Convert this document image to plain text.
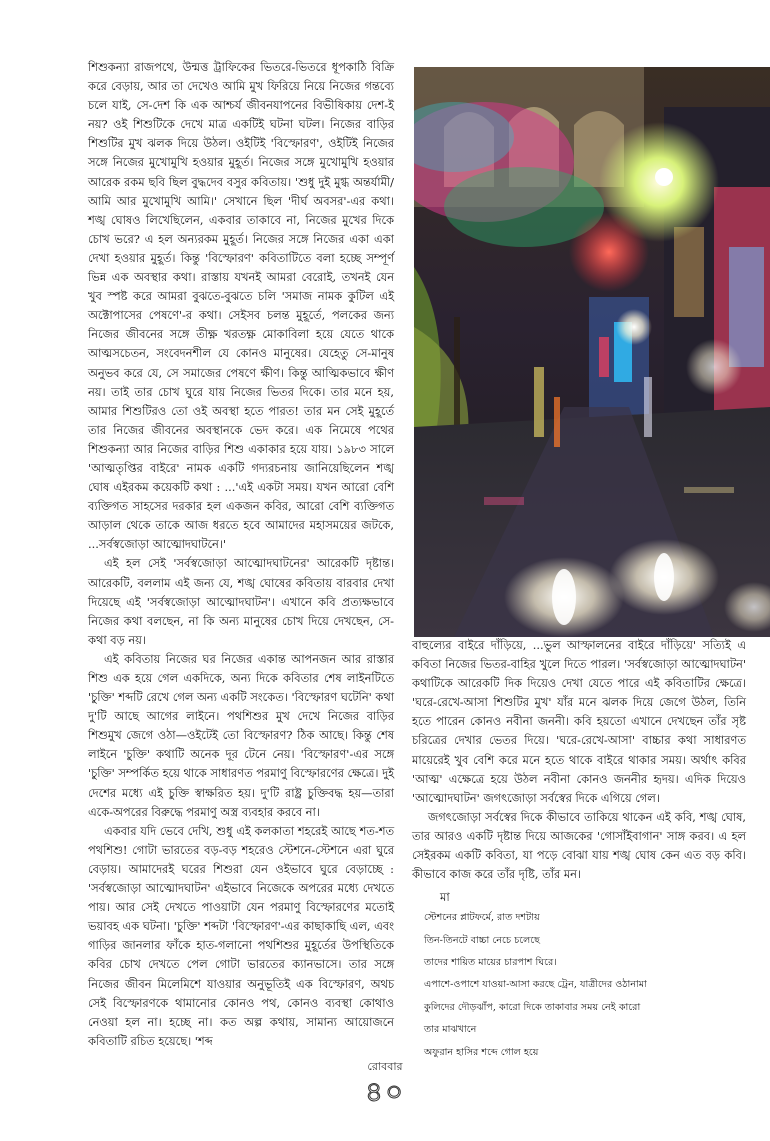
শিশুকন্যা রাজপথে, উন্মত্ত ট্রাফিকের ভিতরে-ভিতরে ধূপকাঠি বিক্রি করে বেড়ায়, আর তা দেখেও আমি মুখ ফিরিয়ে নিয়ে নিজের গন্তব্যে চলে যাই, সে-দেশ কি এক আশ্চর্য জীবনযাপনের বিভীষিকায় দেশ-ই নয়? ওই শিশুটিকে দেখে মাত্র একটিই ঘটনা ঘটল। নিজের বাড়ির শিশুটির মুখ ঝলক দিয়ে উঠল। ওইটিই 'বিস্ফোরণ', ওইটিই নিজের সঙ্গে নিজের মুখোমুখি হওয়ার মুহূর্ত। নিজের সঙ্গে মুখোমুখি হওয়ার আরেক রকম ছবি ছিল বুদ্ধদেব বসুর কবিতায়। 'শুধু দুই মুগ্ধ অন্তর্যামী/আমি আর মুখোমুখি আমি।' সেখানে ছিল 'দীর্ঘ অবসর'-এর কথা। শঙ্খ ঘোষও লিখেছিলেন, একবার তাকাবে না, নিজের মুখের দিকে চোখ ভরে? এ হল অন্যরকম মুহূর্ত। নিজের সঙ্গে নিজের একা একা দেখা হওয়ার মুহূর্ত। কিন্তু 'বিস্ফোরণ' কবিতাটিতে বলা হচ্ছে সম্পূর্ণ ভিন্ন এক অবস্থার কথা। রাস্তায় যখনই আমরা বেরোই, তখনই যেন খুব স্পষ্ট করে আমরা বুঝতে-বুঝতে চলি 'সমাজ নামক কুটিল এই অক্টোপাসের পেষণে'-র কথা। সেইসব চলন্ত মুহূর্তে, পলকের জন্য নিজের জীবনের সঙ্গে তীক্ষ্ণ খরতক্ষ্ণ মোকাবিলা হয়ে যেতে থাকে আত্মসচেতন, সংবেদনশীল যে কোনও মানুষের। যেহেতু সে-মানুষ অনুভব করে যে, সে সমাজের পেষণে ক্ষীণ। কিন্তু আত্মিকভাবে ক্ষীণ নয়। তাই তার চোখ ঘুরে যায় নিজের ভিতর দিকে। তার মনে হয়, আমার শিশুটিরও তো ওই অবস্থা হতে পারত! তার মন সেই মুহূর্তে তার নিজের জীবনের অবস্থানকে ভেদ করে। এক নিমেষে পথের শিশুকন্যা আর নিজের বাড়ির শিশু একাকার হয়ে যায়। ১৯৮৩ সালে 'আত্মতৃপ্তির বাইরে' নামক একটি গদ্যরচনায় জানিয়েছিলেন শঙ্খ ঘোষ এইরকম কয়েকটি কথা : ...'এই একটা সময়। যখন আরো বেশি ব্যক্তিগত সাহসের দরকার হল একজন কবির, আরো বেশি ব্যক্তিগত আড়াল থেকে তাকে আজ ধরতে হবে আমাদের মহাসময়ের জটকে, ...সর্বস্বজোড়া আত্মোদঘাটনে।'

এই হল সেই 'সর্বস্বজোড়া আত্মোদঘাটনের' আরেকটি দৃষ্টান্ত। আরেকটি, বললাম এই জন্য যে, শঙ্খ ঘোষের কবিতায় বারবার দেখা দিয়েছে এই 'সর্বস্বজোড়া আত্মোদঘাটন'। এখানে কবি প্রত্যক্ষভাবে নিজের কথা বলছেন, না কি অন্য মানুষের চোখ দিয়ে দেখছেন, সে-কথা বড় নয়।

এই কবিতায় নিজের ঘর নিজের একান্ত আপনজন আর রাস্তার শিশু এক হয়ে গেল একদিকে, অন্য দিকে কবিতার শেষ লাইনটিতে 'চুক্তি' শব্দটি রেখে গেল অন্য একটি সংকেত। 'বিস্ফোরণ ঘটেনি' কথা দু'টি আছে আগের লাইনে। পথশিশুর মুখ দেখে নিজের বাড়ির শিশুমুখ জেগে ওঠা—ওইটেই তো বিস্ফোরণ? ঠিক আছে। কিন্তু শেষ লাইনে 'চুক্তি' কথাটি অনেক দূর টেনে নেয়। 'বিস্ফোরণ'-এর সঙ্গে 'চুক্তি' সম্পর্কিত হয়ে থাকে সাধারণত পরমাণু বিস্ফোরণের ক্ষেত্রে। দুই দেশের মধ্যে এই চুক্তি স্বাক্ষরিত হয়। দু'টি রাষ্ট্র চুক্তিবদ্ধ হয়—তারা একে-অপরের বিরুদ্ধে পরমাণু অস্ত্র ব্যবহার করবে না।

একবার যদি ভেবে দেখি, শুধু এই কলকাতা শহরেই আছে শত-শত পথশিশু! গোটা ভারতের বড়-বড় শহরেও স্টেশনে-স্টেশনে এরা ঘুরে বেড়ায়। আমাদেরই ঘরের শিশুরা যেন ওইভাবে ঘুরে বেড়াচ্ছে : 'সর্বস্বজোড়া আত্মোদঘাটন' এইভাবে নিজেকে অপরের মধ্যে দেখতে পায়। আর সেই দেখতে পাওয়াটা যেন পরমাণু বিস্ফোরণের মতোই ভয়াবহ এক ঘটনা। 'চুক্তি' শব্দটা 'বিস্ফোরণ'-এর কাছাকাছি এল, এবং গাড়ির জানলার ফাঁকে হাত-গলানো পথশিশুর মুহূর্তের উপস্থিতিকে কবির চোখ দেখতে পেল গোটা ভারতের ক্যানভাসে। তার সঙ্গে নিজের জীবন মিলেমিশে যাওয়ার অনুভূতিই এক বিস্ফোরণ, অথচ সেই বিস্ফোরণকে থামানোর কোনও পথ, কোনও ব্যবস্থা কোথাও নেওয়া হল না। হচ্ছে না। কত অল্প কথায়, সামান্য আয়োজনে কবিতাটি রচিত হয়েছে। 'শব্দ

বাহুল্যের বাইরে দাঁড়িয়ে, ...ভুল আস্ফালনের বাইরে দাঁড়িয়ে' সত্যিই এ কবিতা নিজের ভিতর-বাহির খুলে দিতে পারল। 'সর্বস্বজোড়া আত্মোদঘাটন' কথাটিকে আরেকটি দিক দিয়েও দেখা যেতে পারে এই কবিতাটির ক্ষেত্রে। 'ঘরে-রেখে-আসা শিশুটির মুখ' যাঁর মনে ঝলক দিয়ে জেগে উঠল, তিনি হতে পারেন কোনও নবীনা জননী। কবি হয়তো এখানে দেখছেন তাঁর সৃষ্ট চরিত্রের দেখার ভেতর দিয়ে। 'ঘরে-রেখে-আসা' বাচ্চার কথা সাধারণত মায়েরেই খুব বেশি করে মনে হতে থাকে বাইরে থাকার সময়। অর্থাৎ কবির 'আত্ম' এক্ষেত্রে হয়ে উঠল নবীনা কোনও জননীর হৃদয়। এদিক দিয়েও 'আত্মোদঘাটন' জগৎজোড়া সর্বস্বের দিকে এগিয়ে গেল।

জগৎজোড়া সর্বস্বের দিকে কীভাবে তাকিয়ে থাকেন এই কবি, শঙ্খ ঘোষ, তার আরও একটি দৃষ্টান্ত দিয়ে আজকের 'গোসাঁইবাগান' সাঙ্গ করব। এ হল সেইরকম একটি কবিতা, যা পড়ে বোঝা যায় শঙ্খ ঘোষ কেন এত বড় কবি। কীভাবে কাজ করে তাঁর দৃষ্টি, তাঁর মন।

মা
স্টেশনের প্লাটফর্মে, রাত দশটায়
তিন-তিনটে বাচ্চা নেচে চলেছে
তাদের শায়িত মায়ের চারপাশ ঘিরে।
এপাশে-ওপাশে যাওয়া-আসা করছে ট্রেন, যাত্রীদের ওঠানামা
কুলিদের দৌড়ঝাঁপ, কারো দিকে তাকাবার সময় নেই কারো
তার মাঝখানে
অফুরান হাসির শব্দে গোল হয়ে
রোববার
৪০
